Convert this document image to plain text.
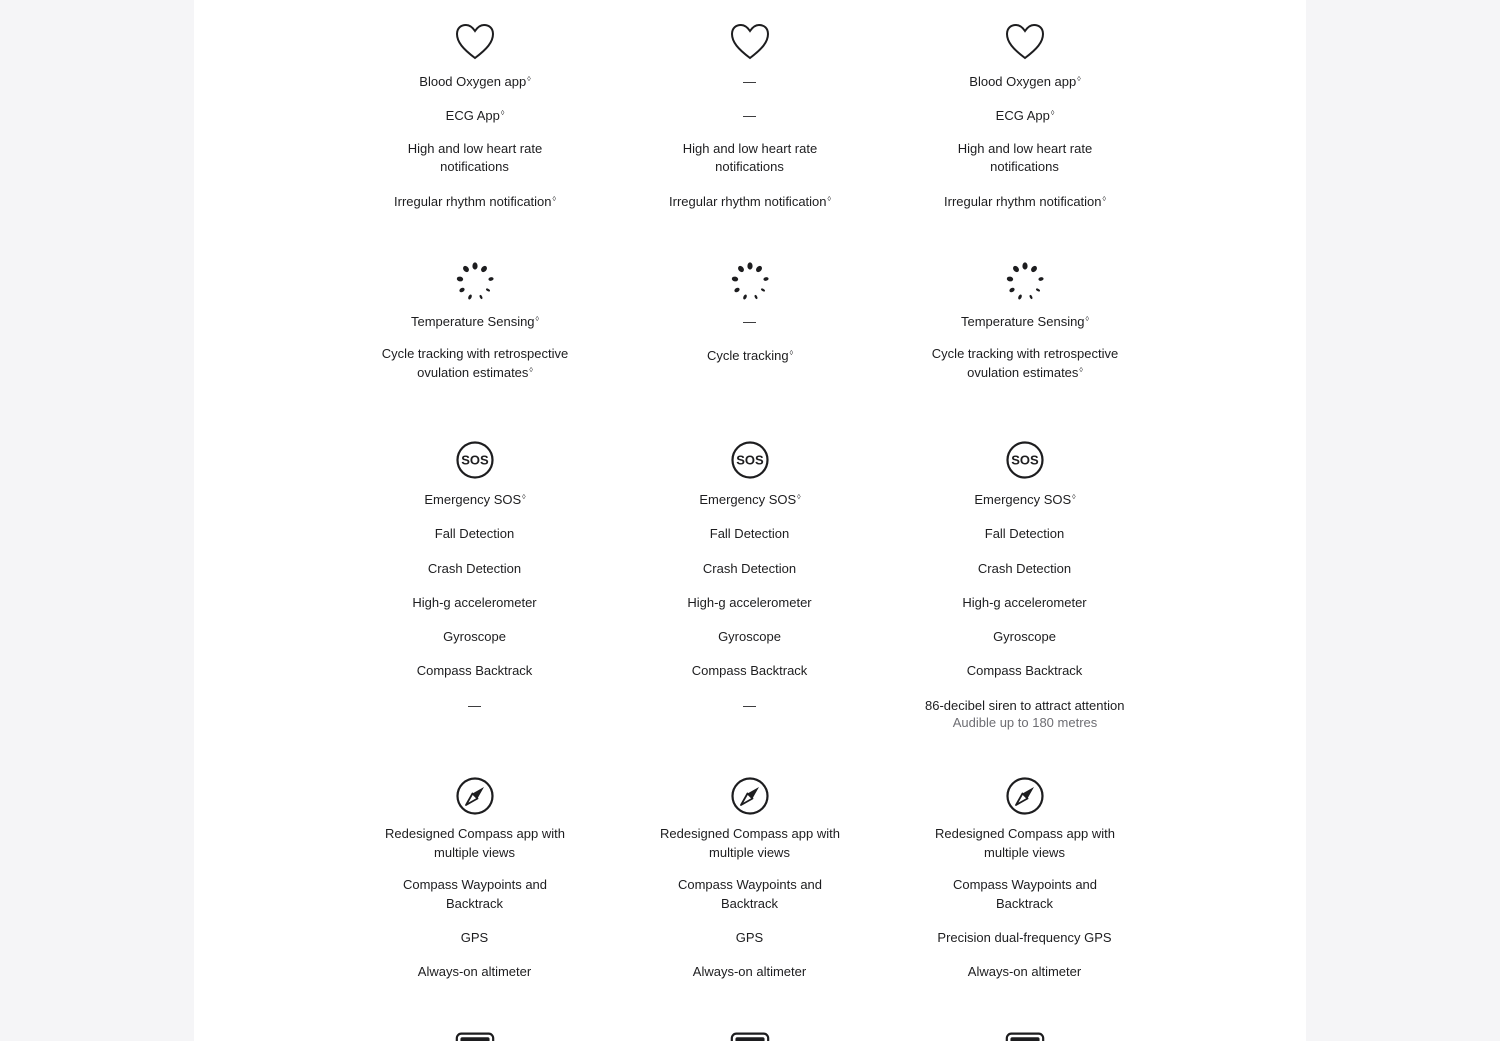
Blood Oxygen app◊
ECG App◊
High and low heart rate notifications
Irregular rhythm notification◊
Temperature Sensing◊
Cycle tracking with retrospective ovulation estimates◊
SOS
Emergency SOS◊
Fall Detection
Crash Detection
High-g accelerometer
Gyroscope
Compass Backtrack
—
Redesigned Compass app with multiple views
Compass Waypoints and Backtrack
GPS
Always-on altimeter
—
—
High and low heart rate notifications
Irregular rhythm notification◊
—
Cycle tracking◊
SOS
Emergency SOS◊
Fall Detection
Crash Detection
High-g accelerometer
Gyroscope
Compass Backtrack
—
Redesigned Compass app with multiple views
Compass Waypoints and Backtrack
GPS
Always-on altimeter
Blood Oxygen app◊
ECG App◊
High and low heart rate notifications
Irregular rhythm notification◊
Temperature Sensing◊
Cycle tracking with retrospective ovulation estimates◊
SOS
Emergency SOS◊
Fall Detection
Crash Detection
High-g accelerometer
Gyroscope
Compass Backtrack
86-decibel siren to attract attention
Audible up to 180 metres
Redesigned Compass app with multiple views
Compass Waypoints and Backtrack
Precision dual-frequency GPS
Always-on altimeter
